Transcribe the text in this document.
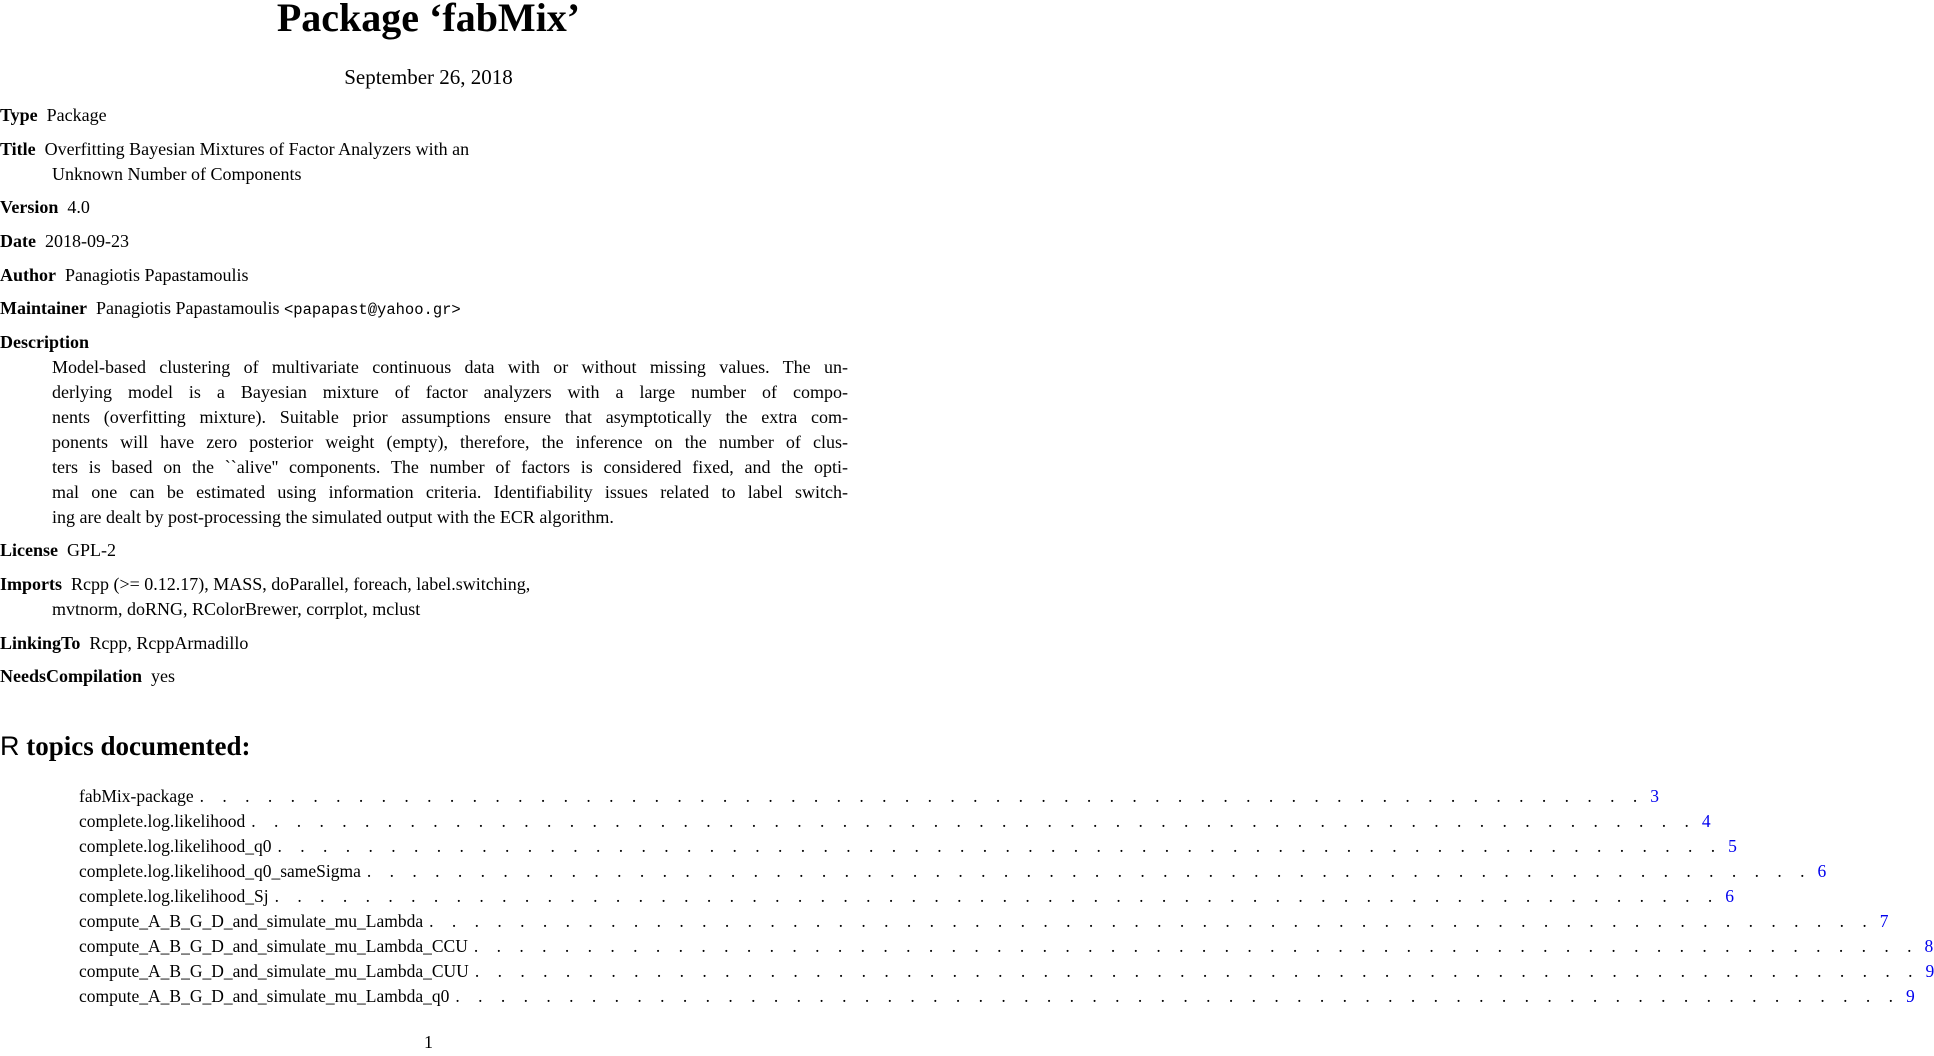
Package ‘fabMix’
September 26, 2018
Type Package
Title Overfitting Bayesian Mixtures of Factor Analyzers with an
Unknown Number of Components
Version 4.0
Date 2018-09-23
Author Panagiotis Papastamoulis
Maintainer Panagiotis Papastamoulis <papapast@yahoo.gr>
Description
Model-based clustering of multivariate continuous data with or without missing values. The un-
derlying model is a Bayesian mixture of factor analyzers with a large number of compo-
nents (overfitting mixture). Suitable prior assumptions ensure that asymptotically the extra com-
ponents will have zero posterior weight (empty), therefore, the inference on the number of clus-
ters is based on the ``alive'' components. The number of factors is considered fixed, and the opti-
mal one can be estimated using information criteria. Identifiability issues related to label switch-
ing are dealt by post-processing the simulated output with the ECR algorithm.
License GPL-2
Imports Rcpp (>= 0.12.17), MASS, doParallel, foreach, label.switching,
mvtnorm, doRNG, RColorBrewer, corrplot, mclust
LinkingTo Rcpp, RcppArmadillo
NeedsCompilation yes
R topics documented:
fabMix-package . . . . . . . . . . . . . . . . . . . . . . . . . . . . . . . . . . . . . . . . . . . . . . . . . . . . . . . . . . . . . . . . 3
complete.log.likelihood . . . . . . . . . . . . . . . . . . . . . . . . . . . . . . . . . . . . . . . . . . . . . . . . . . . . . . . . . . . . . . . . 4
complete.log.likelihood_q0 . . . . . . . . . . . . . . . . . . . . . . . . . . . . . . . . . . . . . . . . . . . . . . . . . . . . . . . . . . . . . . . . 5
complete.log.likelihood_q0_sameSigma . . . . . . . . . . . . . . . . . . . . . . . . . . . . . . . . . . . . . . . . . . . . . . . . . . . . . . . . . . . . . . . . 6
complete.log.likelihood_Sj . . . . . . . . . . . . . . . . . . . . . . . . . . . . . . . . . . . . . . . . . . . . . . . . . . . . . . . . . . . . . . . . 6
compute_A_B_G_D_and_simulate_mu_Lambda . . . . . . . . . . . . . . . . . . . . . . . . . . . . . . . . . . . . . . . . . . . . . . . . . . . . . . . . . . . . . . . . 7
compute_A_B_G_D_and_simulate_mu_Lambda_CCU . . . . . . . . . . . . . . . . . . . . . . . . . . . . . . . . . . . . . . . . . . . . . . . . . . . . . . . . . . . . . . . . 8
compute_A_B_G_D_and_simulate_mu_Lambda_CUU . . . . . . . . . . . . . . . . . . . . . . . . . . . . . . . . . . . . . . . . . . . . . . . . . . . . . . . . . . . . . . . . 9
compute_A_B_G_D_and_simulate_mu_Lambda_q0 . . . . . . . . . . . . . . . . . . . . . . . . . . . . . . . . . . . . . . . . . . . . . . . . . . . . . . . . . . . . . . . . 9
1
